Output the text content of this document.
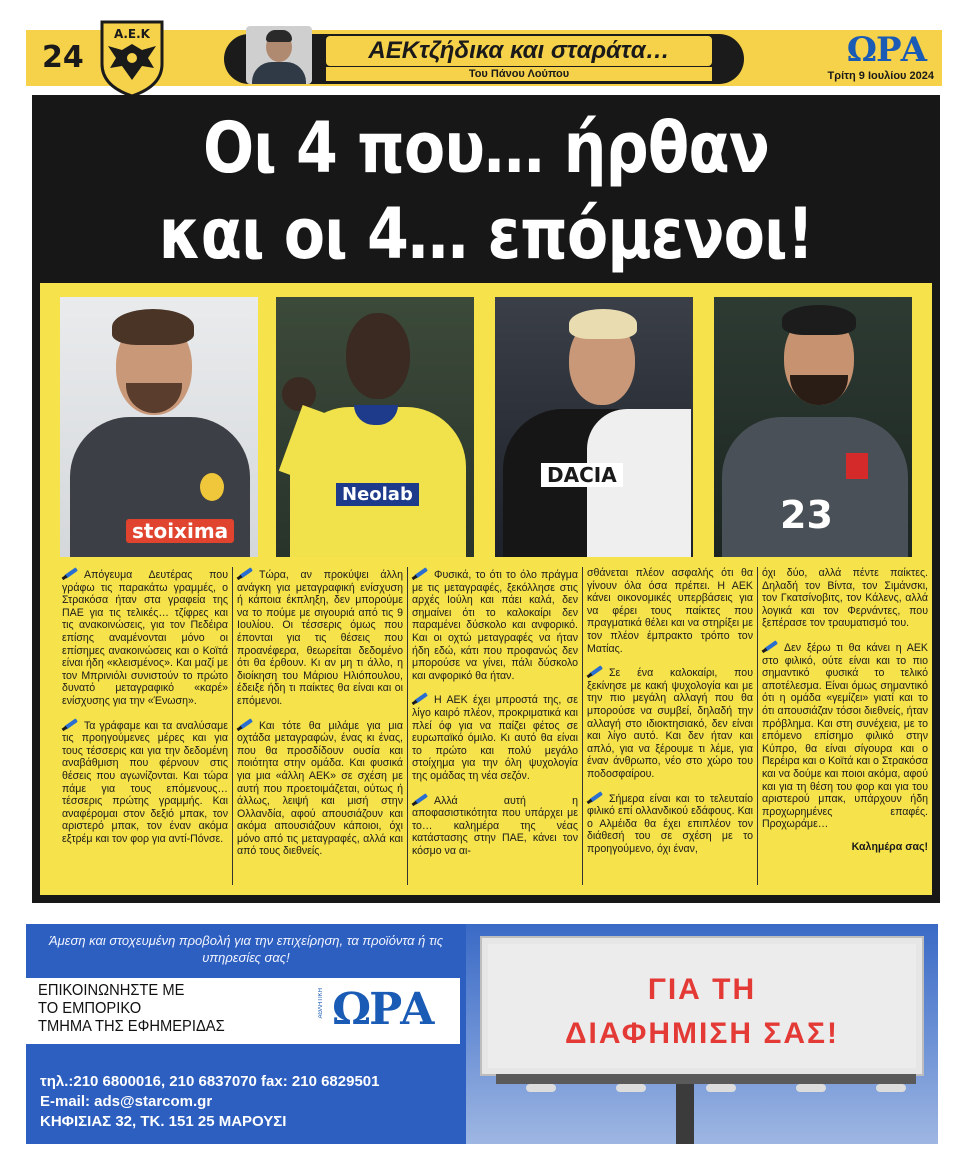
24
Α.Ε.Κ
ΑΕΚτζήδικα και σταράτα…
Του Πάνου Λούπου
ΩΡΑ
Τρίτη 9 Ιουλίου 2024
Οι 4 που… ήρθαν
και οι 4… επόμενοι!
stoixima
Neolab
DACIA
23

Απόγευμα Δευτέρας που γράφω τις παρακάτω γραμμές, ο Στρακόσα ήταν στα γραφεία της ΠΑΕ για τις τελικές… τζίφρες και τις ανακοινώσεις, για τον Πεδέιρα επίσης αναμένονται μόνο οι επίσημες ανακοινώσεις και ο Κοϊτά είναι ήδη «κλεισμένος». Και μαζί με τον Μπρινιόλι συνιστούν το πρώτο δυνατό μεταγραφικό «καρέ» ενίσχυσης για την «Ένωση».

Τα γράφαμε και τα αναλύσαμε τις προηγούμενες μέρες και για τους τέσσερις και για την δεδομένη αναβάθμιση που φέρνουν στις θέσεις που αγωνίζονται. Και τώρα πάμε για τους επόμενους… τέσσερις πρώτης γραμμής. Και αναφέρομαι στον δεξιό μπακ, τον αριστερό μπακ, τον έναν ακόμα εξτρέμ και τον φορ για αντί-Πόνσε.

Τώρα, αν προκύψει άλλη ανάγκη για μεταγραφική ενίσχυση ή κάποια έκπληξη, δεν μπορούμε να το πούμε με σιγουριά από τις 9 Ιουλίου. Οι τέσσερις όμως που έπονται για τις θέσεις που προανέφερα, θεωρείται δεδομένο ότι θα έρθουν. Κι αν μη τι άλλο, η διοίκηση του Μάριου Ηλιόπουλου, έδειξε ήδη τι παίκτες θα είναι και οι επόμενοι.

Και τότε θα μιλάμε για μια οχτάδα μεταγραφών, ένας κι ένας, που θα προσδίδουν ουσία και ποιότητα στην ομάδα. Και φυσικά για μια «άλλη ΑΕΚ» σε σχέση με αυτή που προετοιμάζεται, ούτως ή άλλως, λειψή και μισή στην Ολλανδία, αφού απουσιάζουν και ακόμα απουσιάζουν κάποιοι, όχι μόνο από τις μεταγραφές, αλλά και από τους διεθνείς.

Φυσικά, το ότι το όλο πράγμα με τις μεταγραφές, ξεκόλλησε στις αρχές Ιούλη και πάει καλά, δεν σημαίνει ότι το καλοκαίρι δεν παραμένει δύσκολο και ανφορικό. Και οι οχτώ μεταγραφές να ήταν ήδη εδώ, κάτι που προφανώς δεν μπορούσε να γίνει, πάλι δύσκολο και ανφορικό θα ήταν.

Η ΑΕΚ έχει μπροστά της, σε λίγο καιρό πλέον, προκριματικά και πλεί όφ για να παίζει φέτος σε ευρωπαϊκό όμιλο. Κι αυτό θα είναι το πρώτο και πολύ μεγάλο στοίχημα για την όλη ψυχολογία της ομάδας τη νέα σεζόν.

Αλλά αυτή η αποφασιστικότητα που υπάρχει με το… καλημέρα της νέας κατάστασης στην ΠΑΕ, κάνει τον κόσμο να αι-

σθάνεται πλέον ασφαλής ότι θα γίνουν όλα όσα πρέπει. Η ΑΕΚ κάνει οικονομικές υπερβάσεις για να φέρει τους παίκτες που πραγματικά θέλει και να στηρίξει με τον πλέον έμπρακτο τρόπο τον Ματίας.

Σε ένα καλοκαίρι, που ξεκίνησε με κακή ψυχολογία και με την πιο μεγάλη αλλαγή που θα μπορούσε να συμβεί, δηλαδή την αλλαγή στο ιδιοκτησιακό, δεν είναι και λίγο αυτό. Και δεν ήταν και απλό, για να ξέρουμε τι λέμε, για έναν άνθρωπο, νέο στο χώρο του ποδοσφαίρου.

Σήμερα είναι και το τελευταίο φιλικό επί ολλανδικού εδάφους. Και ο Αλμέιδα θα έχει επιπλέον τον διάθεσή του σε σχέση με το προηγούμενο, όχι έναν,

όχι δύο, αλλά πέντε παίκτες. Δηλαδή τον Βίντα, τον Σιμάνσκι, τον Γκατσίνοβιτς, τον Κάλενς, αλλά λογικά και τον Φερνάντες, που ξεπέρασε τον τραυματισμό του.

Δεν ξέρω τι θα κάνει η ΑΕΚ στο φιλικό, ούτε είναι και το πιο σημαντικό φυσικά το τελικό αποτέλεσμα. Είναι όμως σημαντικό ότι η ομάδα «γεμίζει» γιατί και το ότι απουσιάζαν τόσοι διεθνείς, ήταν πρόβλημα. Και στη συνέχεια, με το επόμενο επίσημο φιλικό στην Κύπρο, θα είναι σίγουρα και ο Περέιρα και ο Κοϊτά και ο Στρακόσα και να δούμε και ποιοι ακόμα, αφού και για τη θέση του φορ και για του αριστερού μπακ, υπάρχουν ήδη προχωρημένες επαφές. Προχωράμε…

Καλημέρα σας!

Άμεση και στοχευμένη προβολή για την επιχείρηση, τα προϊόντα ή τις υπηρεσίες σας!
ΕΠΙΚΟΙΝΩΝΗΣΤΕ ΜΕ
ΤΟ ΕΜΠΟΡΙΚΟ
ΤΜΗΜΑ ΤΗΣ ΕΦΗΜΕΡΙΔΑΣ
ΑΘΛΗΤΙΚΗ ΩΡΑ
τηλ.:210 6800016, 210 6837070 fax: 210 6829501
E-mail: ads@starcom.gr
ΚΗΦΙΣΙΑΣ 32, ΤΚ. 151 25 ΜΑΡΟΥΣΙ
ΓΙΑ ΤΗ
ΔΙΑΦΗΜΙΣΗ ΣΑΣ!
